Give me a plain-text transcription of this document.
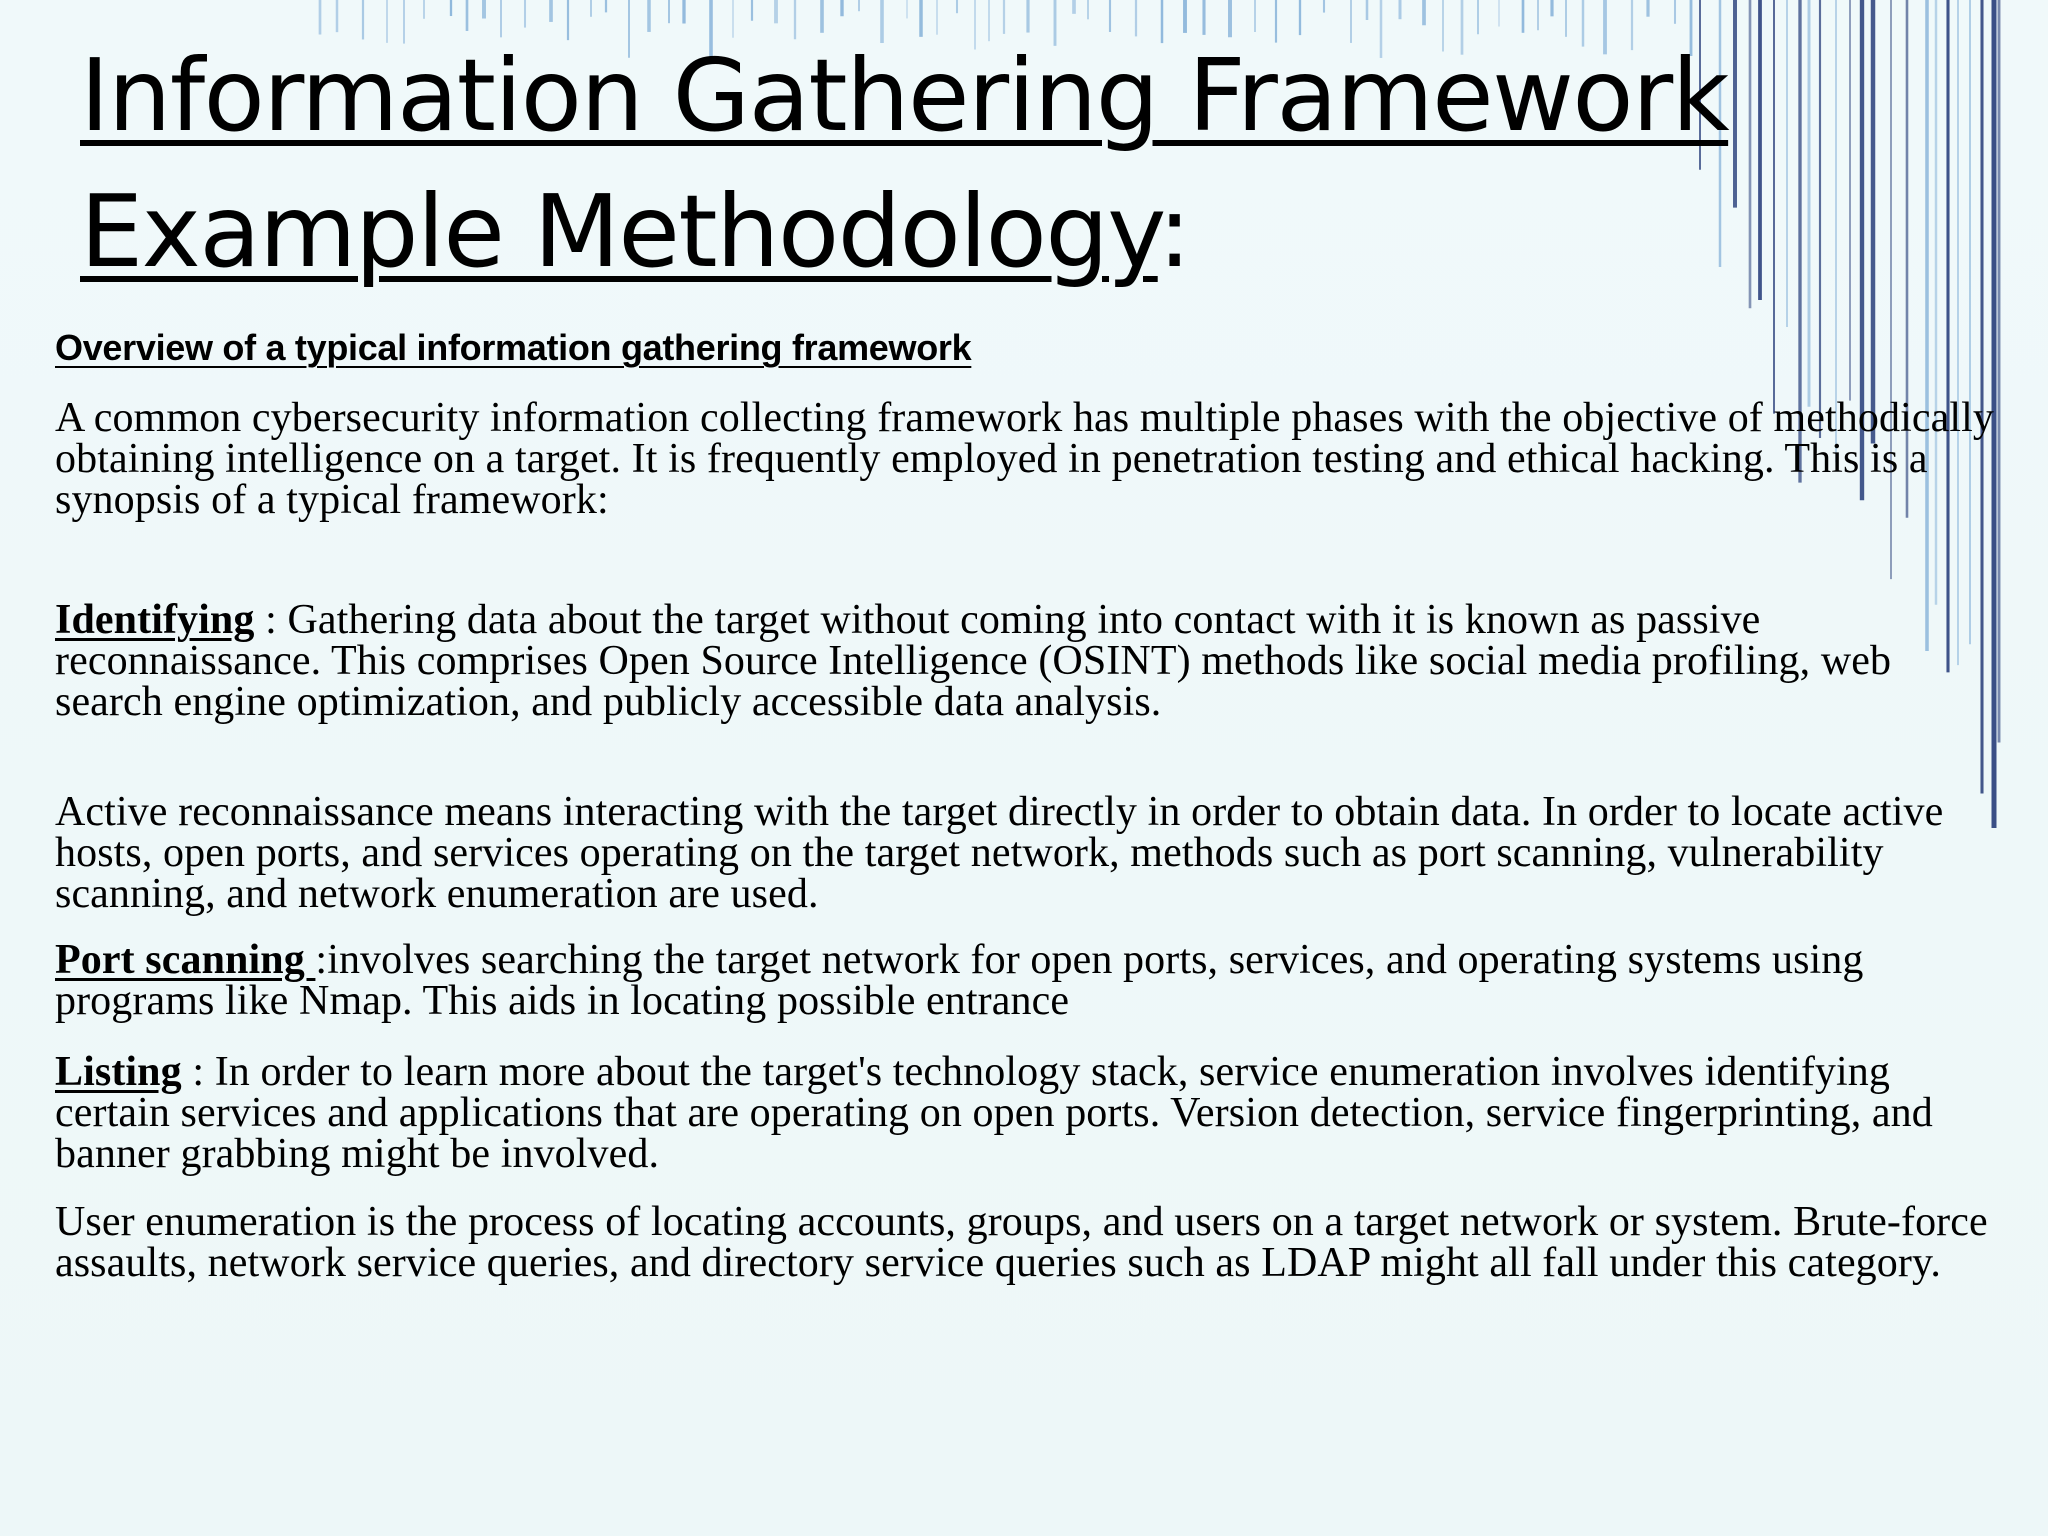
Information Gathering Framework
Example Methodology:
Overview of a typical information gathering framework

A common cybersecurity information collecting framework has multiple phases with the objective of methodically obtaining intelligence on a target. It is frequently employed in penetration testing and ethical hacking. This is a synopsis of a typical framework:

Identifying : Gathering data about the target without coming into contact with it is known as passive reconnaissance. This comprises Open Source Intelligence (OSINT) methods like social media profiling, web search engine optimization, and publicly accessible data analysis.

Active reconnaissance means interacting with the target directly in order to obtain data. In order to locate active hosts, open ports, and services operating on the target network, methods such as port scanning, vulnerability scanning, and network enumeration are used.

Port scanning :involves searching the target network for open ports, services, and operating systems using programs like Nmap. This aids in locating possible entrance

Listing : In order to learn more about the target's technology stack, service enumeration involves identifying certain services and applications that are operating on open ports. Version detection, service fingerprinting, and banner grabbing might be involved.

User enumeration is the process of locating accounts, groups, and users on a target network or system. Brute-force assaults, network service queries, and directory service queries such as LDAP might all fall under this category.
